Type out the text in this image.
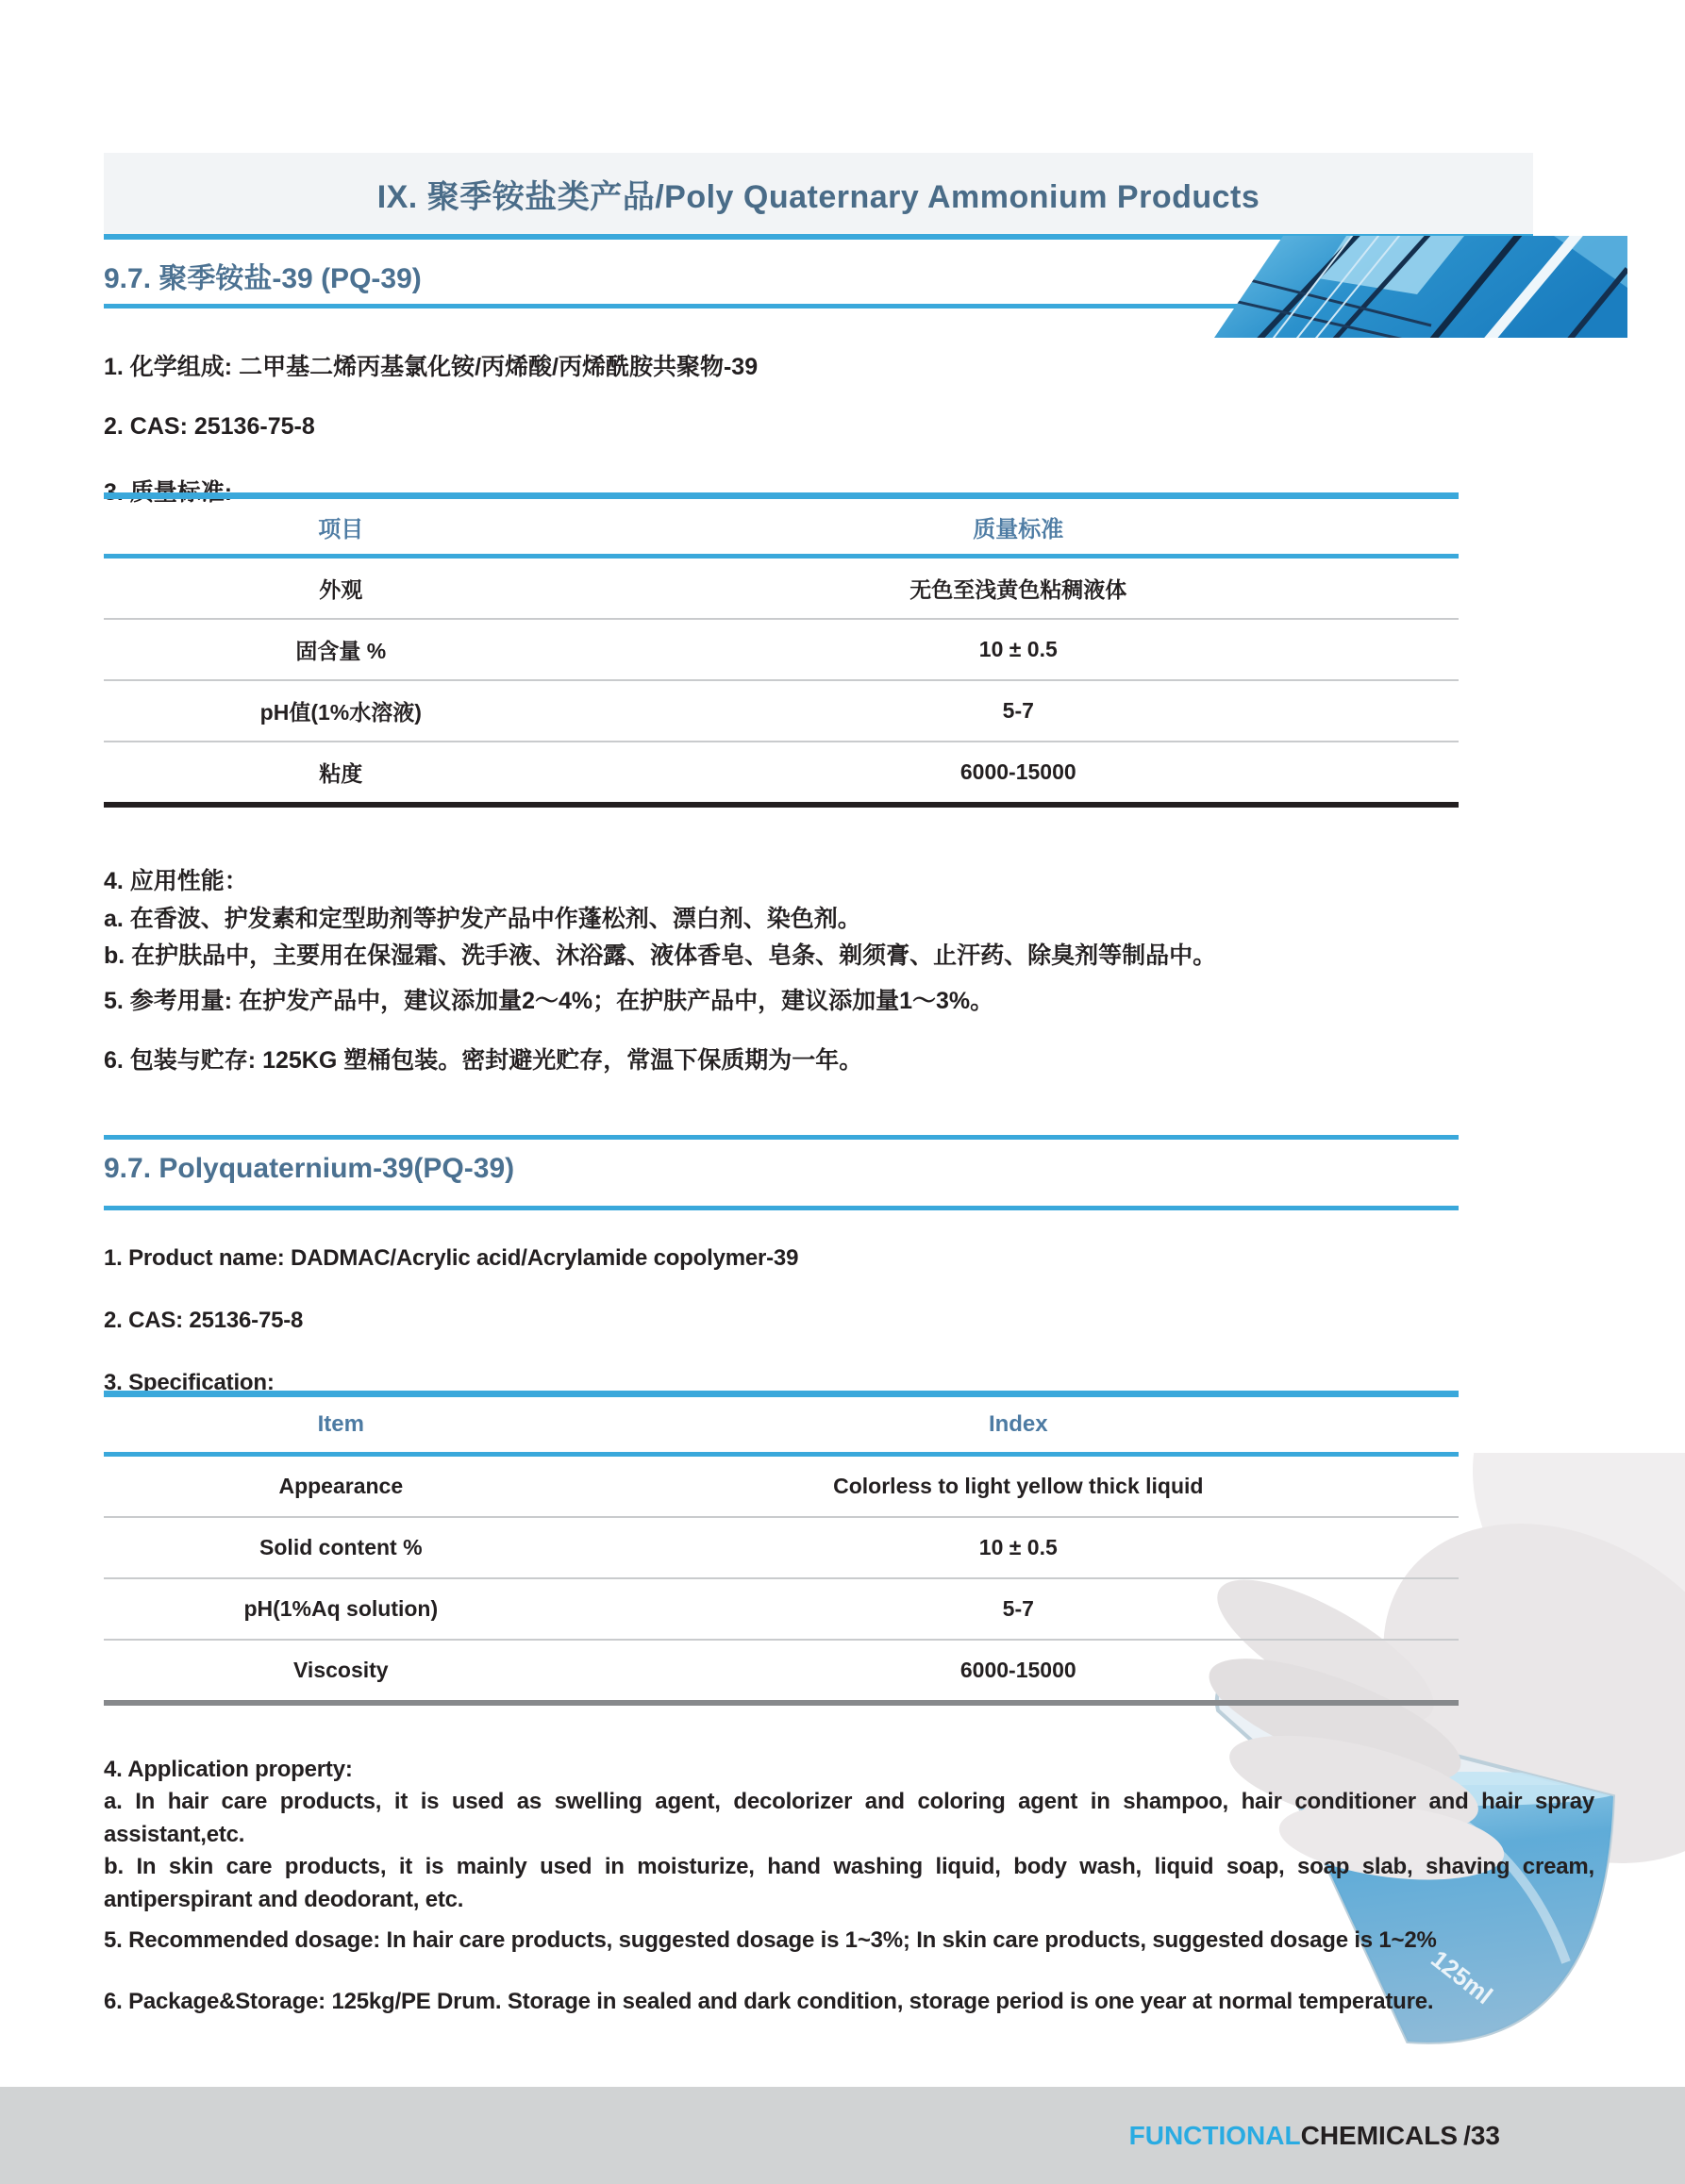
125ml
IX. 聚季铵盐类产品/Poly Quaternary Ammonium Products
9.7. 聚季铵盐-39 (PQ-39)

1. 化学组成: 二甲基二烯丙基氯化铵/丙烯酸/丙烯酰胺共聚物-39

2. CAS: 25136-75-8

3. 质量标准:

项目	质量标准
外观	无色至浅黄色粘稠液体
固含量 %	10 ± 0.5
pH值(1%水溶液)	5-7
粘度	6000-15000

4. 应用性能：

a. 在香波、护发素和定型助剂等护发产品中作蓬松剂、漂白剂、染色剂。

b. 在护肤品中，主要用在保湿霜、洗手液、沐浴露、液体香皂、皂条、剃须膏、止汗药、除臭剂等制品中。

5. 参考用量: 在护发产品中，建议添加量2～4%；在护肤产品中，建议添加量1～3%。

6. 包装与贮存: 125KG 塑桶包装。密封避光贮存，常温下保质期为一年。

9.7. Polyquaternium-39(PQ-39)

1. Product name: DADMAC/Acrylic acid/Acrylamide copolymer-39

2. CAS: 25136-75-8

3. Specification:

Item	Index
Appearance	Colorless to light yellow thick liquid
Solid content %	10 ± 0.5
pH(1%Aq solution)	5-7
Viscosity	6000-15000

4. Application property:

a. In hair care products, it is used as swelling agent, decolorizer and coloring agent in shampoo, hair conditioner and hair spray assistant,etc.

b. In skin care products, it is mainly used in moisturize, hand washing liquid, body wash, liquid soap, soap slab, shaving cream, antiperspirant and deodorant, etc.

5. Recommended dosage: In hair care products, suggested dosage is 1~3%; In skin care products, suggested dosage is 1~2%

6. Package&Storage: 125kg/PE Drum. Storage in sealed and dark condition, storage period is one year at normal temperature.

FUNCTIONALCHEMICALS /33
